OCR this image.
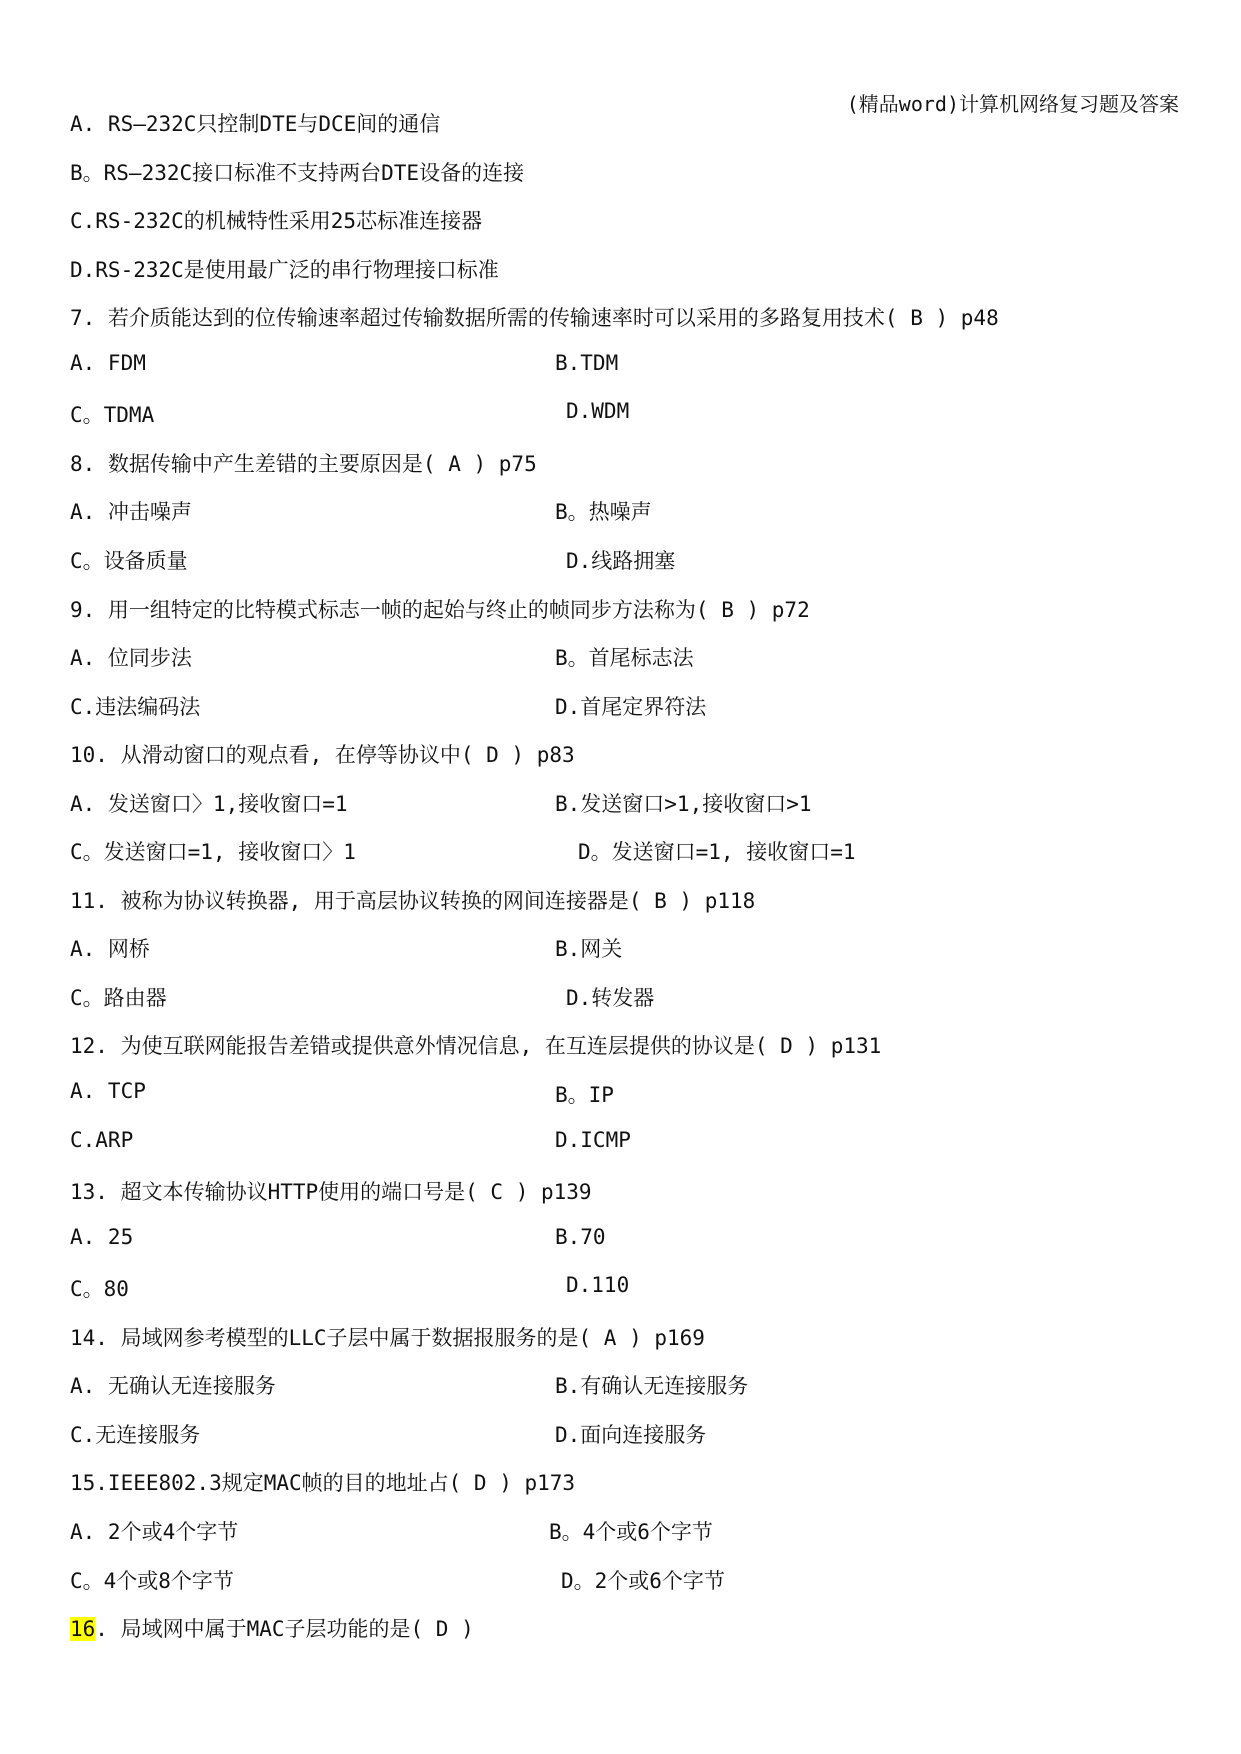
(精品word)计算机网络复习题及答案
A. RS—232C只控制DTE与DCE间的通信
B。RS—232C接口标准不支持两台DTE设备的连接
C.RS-232C的机械特性采用25芯标准连接器
D.RS-232C是使用最广泛的串行物理接口标准
7. 若介质能达到的位传输速率超过传输数据所需的传输速率时可以采用的多路复用技术( B ) p48
A. FDM	B.TDM
C。TDMA	D.WDM
8. 数据传输中产生差错的主要原因是( A ) p75
A. 冲击噪声	B。热噪声
C。设备质量	D.线路拥塞
9. 用一组特定的比特模式标志一帧的起始与终止的帧同步方法称为( B ) p72
A. 位同步法	B。首尾标志法
C.违法编码法	D.首尾定界符法
10. 从滑动窗口的观点看, 在停等协议中( D ) p83
A. 发送窗口〉1,接收窗口=1	B.发送窗口>1,接收窗口>1
C。发送窗口=1, 接收窗口〉1	D。发送窗口=1, 接收窗口=1
11. 被称为协议转换器, 用于高层协议转换的网间连接器是( B ) p118
A. 网桥	B.网关
C。路由器	D.转发器
12. 为使互联网能报告差错或提供意外情况信息, 在互连层提供的协议是( D ) p131
A. TCP	B。IP
C.ARP	D.ICMP
13. 超文本传输协议HTTP使用的端口号是( C ) p139
A. 25	B.70
C。80	D.110
14. 局域网参考模型的LLC子层中属于数据报服务的是( A ) p169
A. 无确认无连接服务	B.有确认无连接服务
C.无连接服务	D.面向连接服务
15.IEEE802.3规定MAC帧的目的地址占( D ) p173
A. 2个或4个字节	B。4个或6个字节
C。4个或8个字节	D。2个或6个字节
16. 局域网中属于MAC子层功能的是( D )
